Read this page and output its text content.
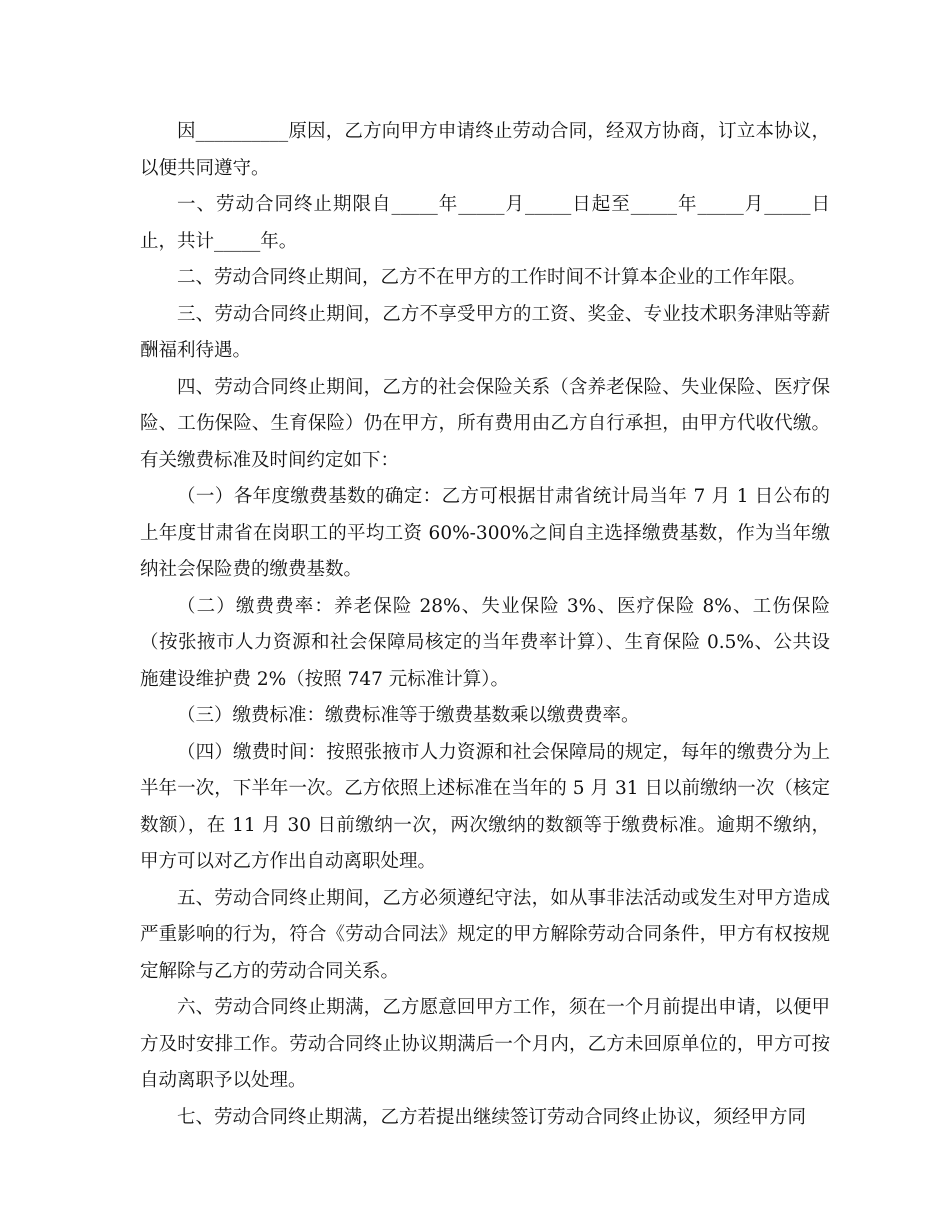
因__________原因，乙方向甲方申请终止劳动合同，经双方协商，订立本协议，以便共同遵守。

一、劳动合同终止期限自_____年_____月_____日起至_____年_____月_____日止，共计_____年。

二、劳动合同终止期间，乙方不在甲方的工作时间不计算本企业的工作年限。

三、劳动合同终止期间，乙方不享受甲方的工资、奖金、专业技术职务津贴等薪酬福利待遇。

四、劳动合同终止期间，乙方的社会保险关系（含养老保险、失业保险、医疗保险、工伤保险、生育保险）仍在甲方，所有费用由乙方自行承担，由甲方代收代缴。有关缴费标准及时间约定如下：

（一）各年度缴费基数的确定：乙方可根据甘肃省统计局当年 7 月 1 日公布的上年度甘肃省在岗职工的平均工资 60%-300%之间自主选择缴费基数，作为当年缴纳社会保险费的缴费基数。

（二）缴费费率：养老保险 28%、失业保险 3%、医疗保险 8%、工伤保险（按张掖市人力资源和社会保障局核定的当年费率计算）、生育保险 0.5%、公共设施建设维护费 2%（按照 747 元标准计算）。

（三）缴费标准：缴费标准等于缴费基数乘以缴费费率。

（四）缴费时间：按照张掖市人力资源和社会保障局的规定，每年的缴费分为上半年一次，下半年一次。乙方依照上述标准在当年的 5 月 31 日以前缴纳一次（核定数额），在 11 月 30 日前缴纳一次，两次缴纳的数额等于缴费标准。逾期不缴纳，甲方可以对乙方作出自动离职处理。

五、劳动合同终止期间，乙方必须遵纪守法，如从事非法活动或发生对甲方造成严重影响的行为，符合《劳动合同法》规定的甲方解除劳动合同条件，甲方有权按规定解除与乙方的劳动合同关系。

六、劳动合同终止期满，乙方愿意回甲方工作，须在一个月前提出申请，以便甲方及时安排工作。劳动合同终止协议期满后一个月内，乙方未回原单位的，甲方可按自动离职予以处理。

七、劳动合同终止期满，乙方若提出继续签订劳动合同终止协议，须经甲方同
